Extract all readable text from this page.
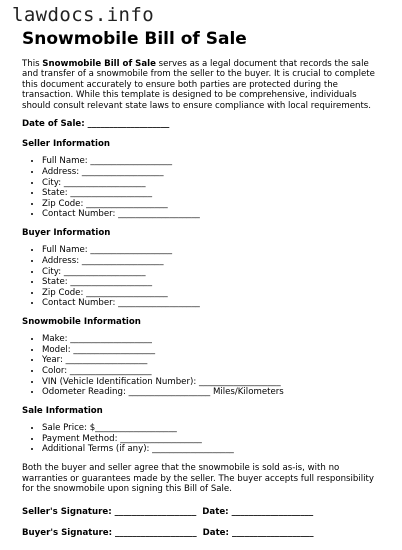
lawdocs.info
Snowmobile Bill of Sale

This Snowmobile Bill of Sale serves as a legal document that records the sale and transfer of a snowmobile from the seller to the buyer. It is crucial to complete this document accurately to ensure both parties are protected during the transaction. While this template is designed to be comprehensive, individuals should consult relevant state laws to ensure compliance with local requirements.

Date of Sale: ___________________

Seller Information

• Full Name: ___________________
• Address: ___________________
• City: ___________________
• State: ___________________
• Zip Code: ___________________
• Contact Number: ___________________

Buyer Information

• Full Name: ___________________
• Address: ___________________
• City: ___________________
• State: ___________________
• Zip Code: ___________________
• Contact Number: ___________________

Snowmobile Information

• Make: ___________________
• Model: ___________________
• Year: ___________________
• Color: ___________________
• VIN (Vehicle Identification Number): ___________________
• Odometer Reading: ___________________ Miles/Kilometers

Sale Information

• Sale Price: $___________________
• Payment Method: ___________________
• Additional Terms (if any): ___________________

Both the buyer and seller agree that the snowmobile is sold as-is, with no warranties or guarantees made by the seller. The buyer accepts full responsibility for the snowmobile upon signing this Bill of Sale.

Seller's Signature: ___________________ Date: ___________________

Buyer's Signature: ___________________ Date: ___________________
